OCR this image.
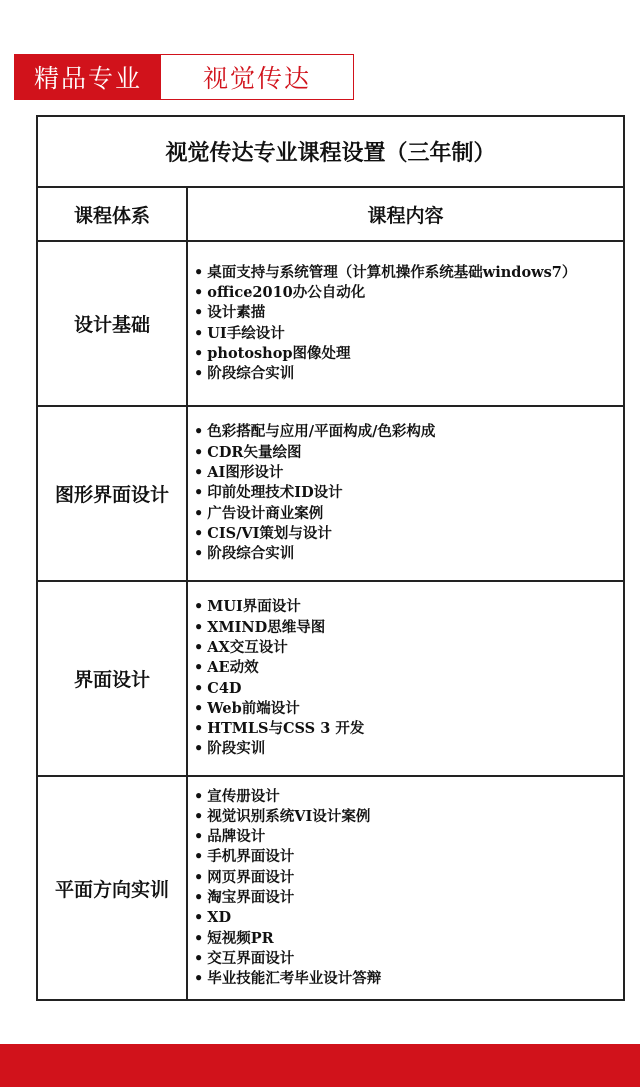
精品专业	视觉传达
视觉传达专业课程设置（三年制）
课程体系	课程内容
设计基础
• 桌面支持与系统管理（计算机操作系统基础windows7）
• office2010办公自动化
• 设计素描
• UI手绘设计
• photoshop图像处理
• 阶段综合实训
图形界面设计
• 色彩搭配与应用/平面构成/色彩构成
• CDR矢量绘图
• AI图形设计
• 印前处理技术ID设计
• 广告设计商业案例
• CIS/VI策划与设计
• 阶段综合实训
界面设计
• MUI界面设计
• XMIND思维导图
• AX交互设计
• AE动效
• C4D
• Web前端设计
• HTMLS与CSS 3 开发
• 阶段实训
平面方向实训
• 宣传册设计
• 视觉识别系统VI设计案例
• 品牌设计
• 手机界面设计
• 网页界面设计
• 淘宝界面设计
• XD
• 短视频PR
• 交互界面设计
• 毕业技能汇考毕业设计答辩
